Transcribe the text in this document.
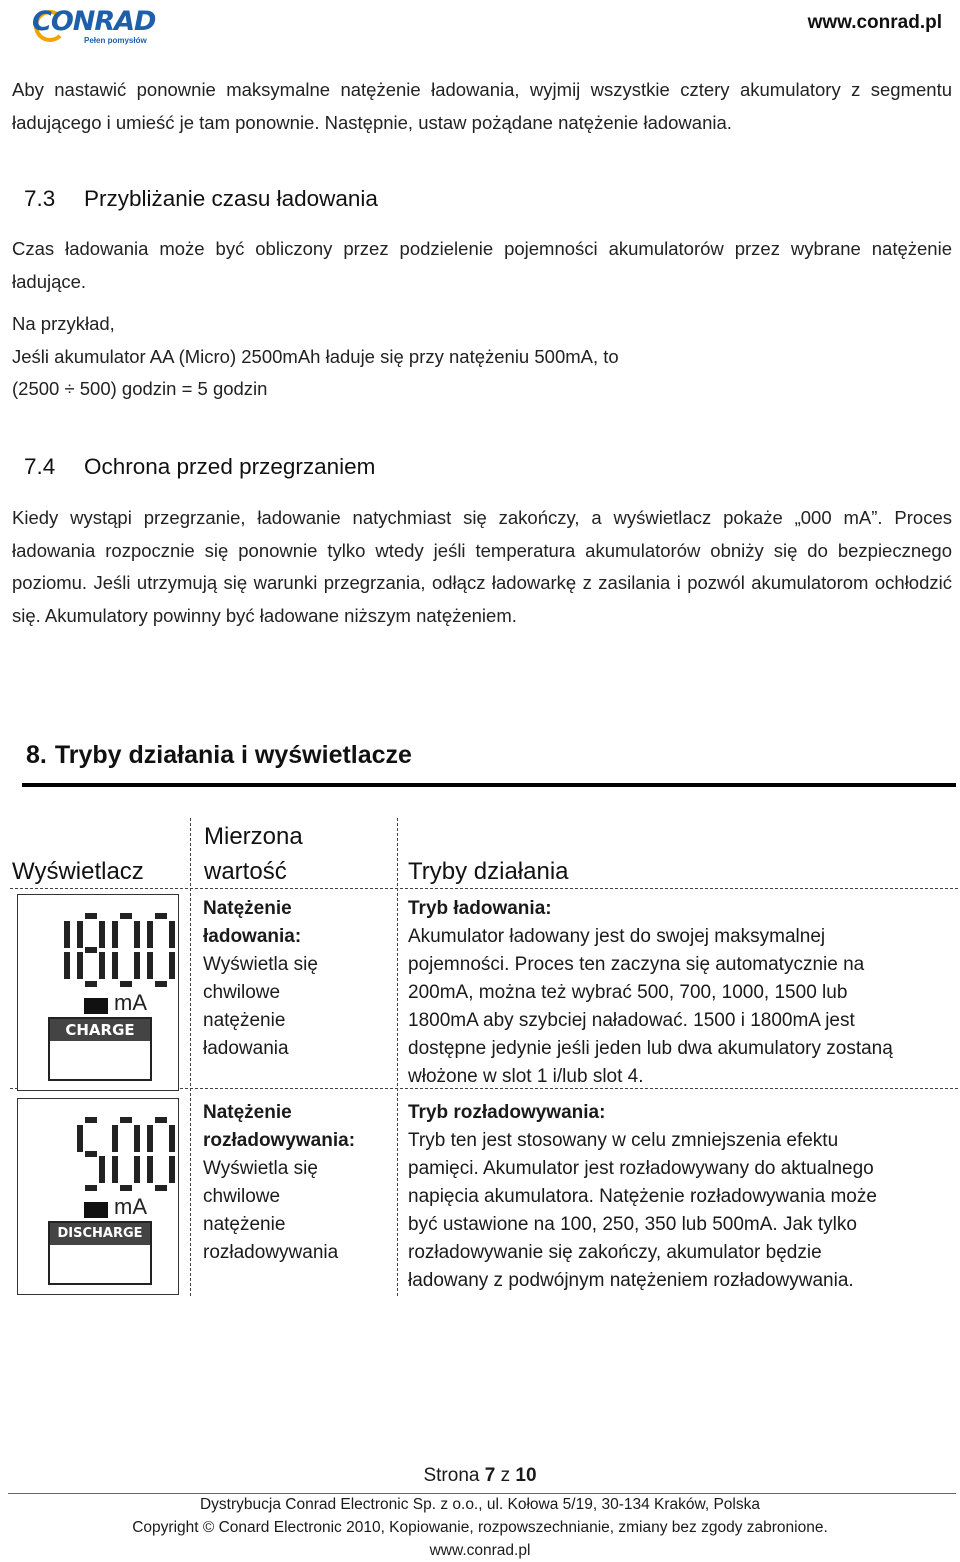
CONRAD
Pełen pomysłów
www.conrad.pl
Aby nastawić ponownie maksymalne natężenie ładowania, wyjmij wszystkie cztery akumulatory z segmentu ładującego i umieść je tam ponownie. Następnie, ustaw pożądane natężenie ładowania.
7.3 Przybliżanie czasu ładowania
Czas ładowania może być obliczony przez podzielenie pojemności akumulatorów przez wybrane natężenie ładujące.
Na przykład,
Jeśli akumulator AA (Micro) 2500mAh ładuje się przy natężeniu 500mA, to
(2500 ÷ 500) godzin = 5 godzin
7.4 Ochrona przed przegrzaniem
Kiedy wystąpi przegrzanie, ładowanie natychmiast się zakończy, a wyświetlacz pokaże „000 mA”. Proces ładowania rozpocznie się ponownie tylko wtedy jeśli temperatura akumulatorów obniży się do bezpiecznego poziomu. Jeśli utrzymują się warunki przegrzania, odłącz ładowarkę z zasilania i pozwól akumulatorom ochłodzić się. Akumulatory powinny być ładowane niższym natężeniem.
8. Tryby działania i wyświetlacze
Wyświetlacz
Mierzona
wartość	Tryby działania
mA
CHARGE
Natężenie
ładowania:
Wyświetla się
chwilowe
natężenie
ładowania
Tryb ładowania:
Akumulator ładowany jest do swojej maksymalnej
pojemności. Proces ten zaczyna się automatycznie na
200mA, można też wybrać 500, 700, 1000, 1500 lub
1800mA aby szybciej naładować. 1500 i 1800mA jest
dostępne jedynie jeśli jeden lub dwa akumulatory zostaną
włożone w slot 1 i/lub slot 4.
mA
DISCHARGE
Natężenie
rozładowywania:
Wyświetla się
chwilowe
natężenie
rozładowywania
Tryb rozładowywania:
Tryb ten jest stosowany w celu zmniejszenia efektu
pamięci. Akumulator jest rozładowywany do aktualnego
napięcia akumulatora. Natężenie rozładowywania może
być ustawione na 100, 250, 350 lub 500mA. Jak tylko
rozładowywanie się zakończy, akumulator będzie
ładowany z podwójnym natężeniem rozładowywania.
Strona 7 z 10
Dystrybucja Conrad Electronic Sp. z o.o., ul. Kołowa 5/19, 30-134 Kraków, Polska
Copyright © Conard Electronic 2010, Kopiowanie, rozpowszechnianie, zmiany bez zgody zabronione.
www.conrad.pl
